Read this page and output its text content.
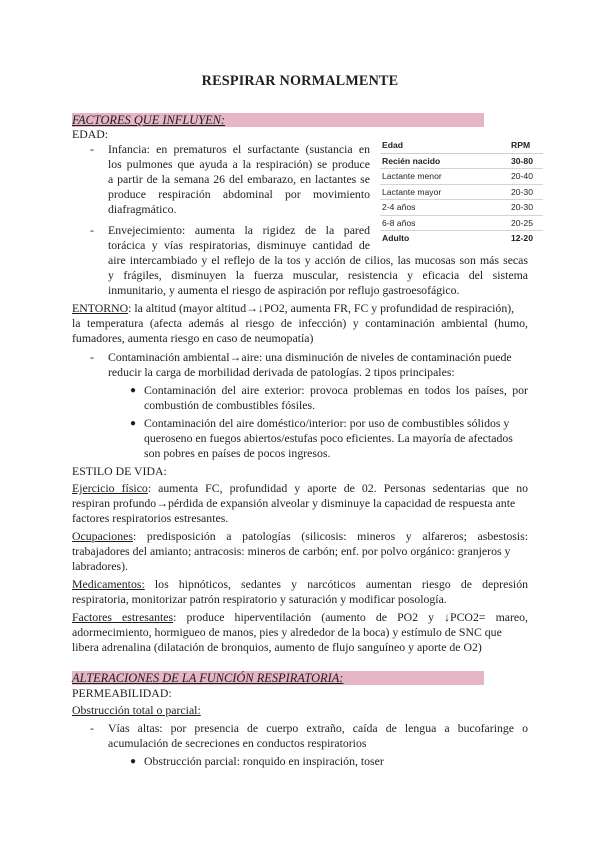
RESPIRAR NORMALMENTE
FACTORES QUE INFLUYEN:
EDAD:
- Infancia: en prematuros el surfactante (sustancia en
los pulmones que ayuda a la respiración) se produce
a partir de la semana 26 del embarazo, en lactantes se
produce respiración abdominal por movimiento
diafragmático.
- Envejecimiento: aumenta la rigidez de la pared
torácica y vías respiratorias, disminuye cantidad de
aire intercambiado y el reflejo de la tos y acción de cilios, las mucosas son más secas
y frágiles, disminuyen la fuerza muscular, resistencia y eficacia del sistema
inmunitario, y aumenta el riesgo de aspiración por reflujo gastroesofágico.
Edad	RPM
Recién nacido	30-80
Lactante menor	20-40
Lactante mayor	20-30
2-4 años	20-30
6-8 años	20-25
Adulto	12-20
ENTORNO: la altitud (mayor altitud→↓PO2, aumenta FR, FC y profundidad de respiración),
la temperatura (afecta además al riesgo de infección) y contaminación ambiental (humo,
fumadores, aumenta riesgo en caso de neumopatía)
- Contaminación ambiental→aire: una disminución de niveles de contaminación puede
reducir la carga de morbilidad derivada de patologías. 2 tipos principales:
● Contaminación del aire exterior: provoca problemas en todos los países, por
combustión de combustibles fósiles.
● Contaminación del aire doméstico/interior: por uso de combustibles sólidos y
queroseno en fuegos abiertos/estufas poco eficientes. La mayoría de afectados
son pobres en países de pocos ingresos.
ESTILO DE VIDA:
Ejercicio físico: aumenta FC, profundidad y aporte de 02. Personas sedentarias que no
respiran profundo→pérdida de expansión alveolar y disminuye la capacidad de respuesta ante
factores respiratorios estresantes.
Ocupaciones: predisposición a patologías (silicosis: mineros y alfareros; asbestosis:
trabajadores del amianto; antracosis: mineros de carbón; enf. por polvo orgánico: granjeros y
labradores).
Medicamentos: los hipnóticos, sedantes y narcóticos aumentan riesgo de depresión
respiratoria, monitorizar patrón respiratorio y saturación y modificar posología.
Factores estresantes: produce hiperventilación (aumento de PO2 y ↓PCO2= mareo,
adormecimiento, hormigueo de manos, pies y alrededor de la boca) y estímulo de SNC que
libera adrenalina (dilatación de bronquios, aumento de flujo sanguíneo y aporte de O2)
ALTERACIONES DE LA FUNCIÓN RESPIRATORIA:
PERMEABILIDAD:
Obstrucción total o parcial:
- Vías altas: por presencia de cuerpo extraño, caída de lengua a bucofaringe o
acumulación de secreciones en conductos respiratorios
● Obstrucción parcial: ronquido en inspiración, toser
